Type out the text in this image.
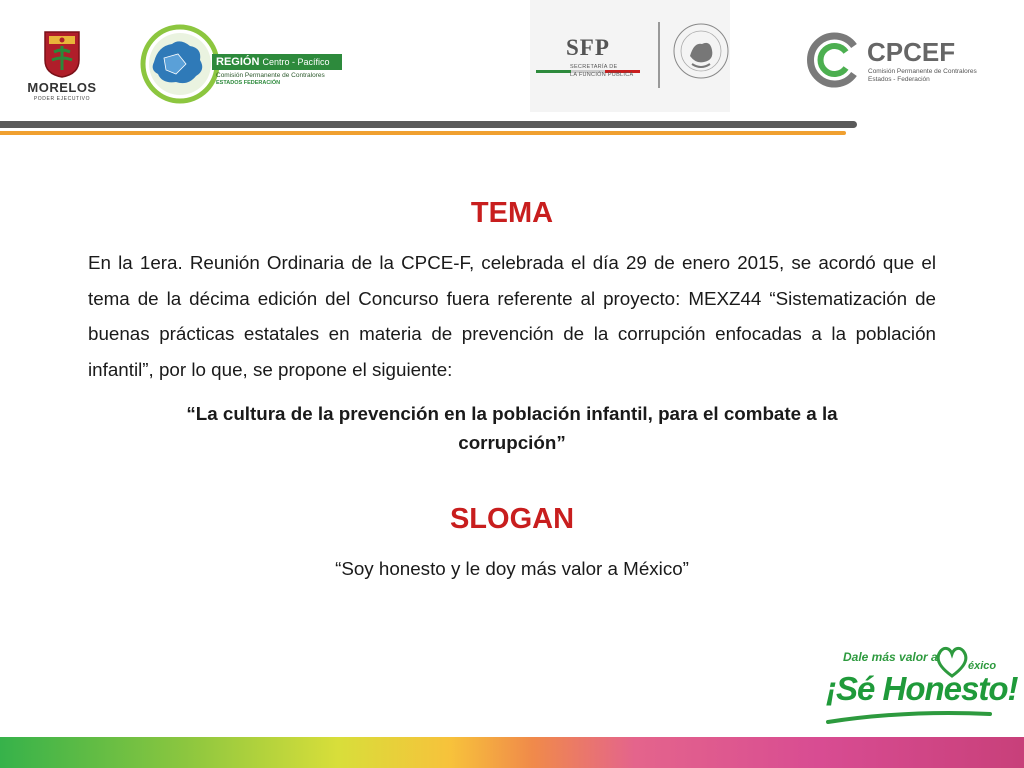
MORELOS
PODER EJECUTIVO
REGIÓN Centro - Pacífico
Comisión Permanente de Contralores
ESTADOS FEDERACIÓN
SFP
SECRETARÍA DE
LA FUNCIÓN PÚBLICA
CPCEF
Comisión Permanente de Contralores
Estados - Federación
TEMA
En la 1era. Reunión Ordinaria de la CPCE-F, celebrada el día 29 de enero 2015, se acordó que el tema de la décima edición del Concurso fuera referente al proyecto: MEXZ44 “Sistematización de buenas prácticas estatales en materia de prevención de la corrupción enfocadas a la población infantil”, por lo que, se propone el siguiente:
“La cultura de la prevención en la población infantil, para el combate a la
corrupción”
SLOGAN
“Soy honesto y le doy más valor a México”
Dale más valor a
éxico
¡Sé Honesto!
